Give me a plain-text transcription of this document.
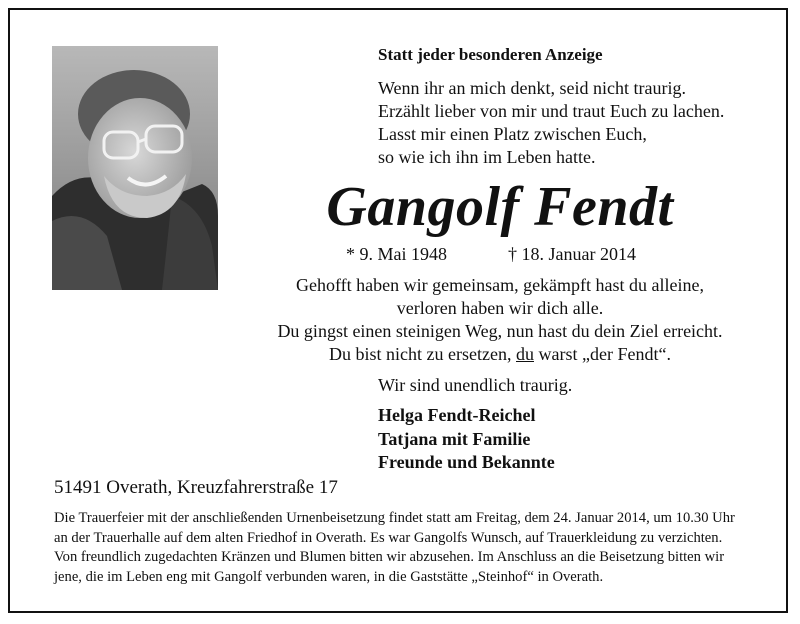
Statt jeder besonderen Anzeige
Wenn ihr an mich denkt, seid nicht traurig.
Erzählt lieber von mir und traut Euch zu lachen.
Lasst mir einen Platz zwischen Euch,
so wie ich ihn im Leben hatte.
Gangolf Fendt
* 9. Mai 1948	† 18. Januar 2014
Gehofft haben wir gemeinsam, gekämpft hast du alleine,
verloren haben wir dich alle.
Du gingst einen steinigen Weg, nun hast du dein Ziel erreicht.
Du bist nicht zu ersetzen, du warst „der Fendt“.
Wir sind unendlich traurig.
Helga Fendt-Reichel
Tatjana mit Familie
Freunde und Bekannte
51491 Overath, Kreuzfahrerstraße 17
Die Trauerfeier mit der anschließenden Urnenbeisetzung findet statt am Freitag, dem 24. Januar 2014, um 10.30 Uhr
an der Trauerhalle auf dem alten Friedhof in Overath. Es war Gangolfs Wunsch, auf Trauerkleidung zu verzichten.
Von freundlich zugedachten Kränzen und Blumen bitten wir abzusehen. Im Anschluss an die Beisetzung bitten wir
jene, die im Leben eng mit Gangolf verbunden waren, in die Gaststätte „Steinhof“ in Overath.
